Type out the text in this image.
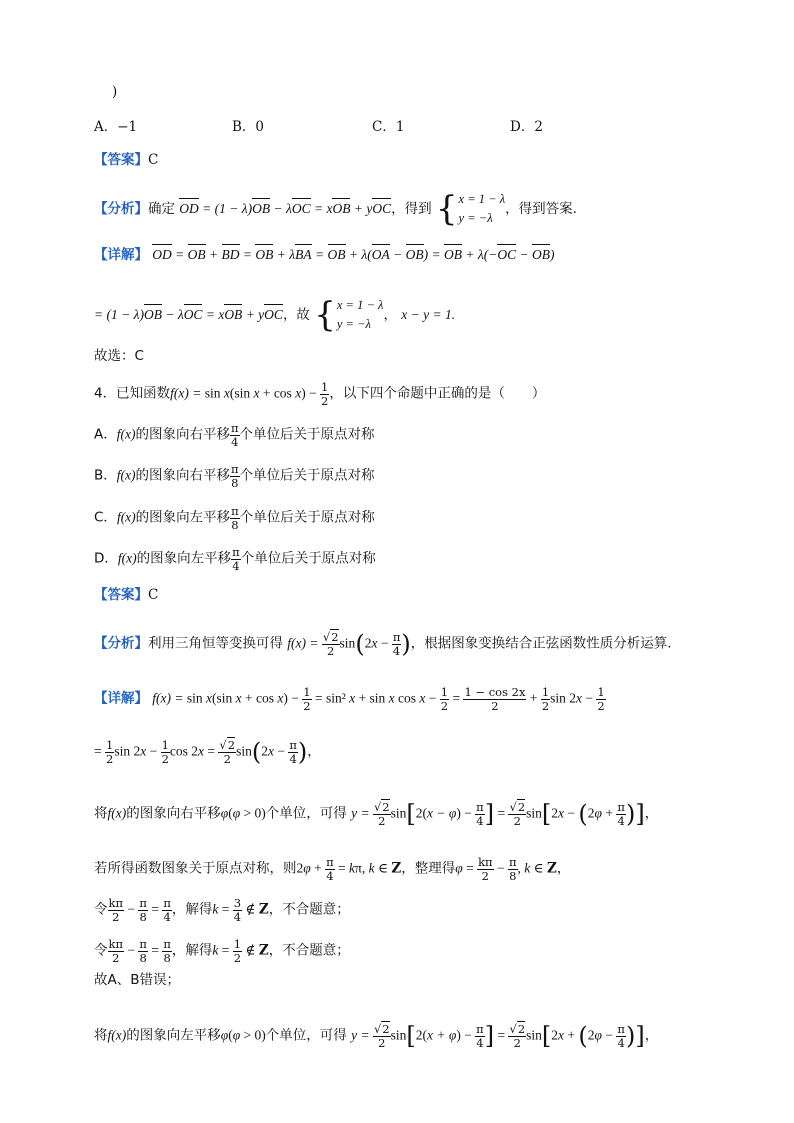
)
A．−1	B．0	C．1	D．2
【答案】C
【分析】确定 OD = (1 − λ)OB − λOC = xOB + yOC，得到 { x = 1 − λ
y = −λ
，得到答案.
【详解】 OD = OB + BD = OB + λBA = OB + λ(OA − OB) = OB + λ(−OC − OB)
= (1 − λ)OB − λOC = xOB + yOC，故 { x = 1 − λ
y = −λ
， x − y = 1.
故选：C
4．已知函数f(x) = sin x(sin $x + \cos x) - \frac{1}{2}$ ，以下四个命题中正确的是（　　）
A．f(x)的图象向右平移 $\frac{\pi}{4}$ 个单位后关于原点对称
B．f(x)的图象向右平移 $\frac{\pi}{8}$ 个单位后关于原点对称
C．f(x)的图象向左平移 $\frac{\pi}{8}$ 个单位后关于原点对称
D．f(x)的图象向左平移 $\frac{\pi}{4}$ 个单位后关于原点对称
【答案】C
【分析】利用三角恒等变换可得 $f(x) = \frac{√2}{2} \sin(2x - \frac{\pi}{4}$ )，根据图象变换结合正弦函数性质分析运算.
【详解】 f(x) = sin x(sin $x + \cos x) - \frac{1}{2} = \sin^2$ x + sin x $\cos x - \frac{1}{2} = \frac{1 - \cos 2x}{2} + \frac{1}{2}$ $\sin 2x - \frac{1}{2}$
= $\frac{1}{2}$ $\sin 2x - \frac{1}{2}$ $\cos 2x = \frac{√2}{2} \sin(2x - \frac{\pi}{4}$ )，
将f(x)的图象向右平移φ(φ > 0)个单位，可得 $y = \frac{√2}{2} \sin[2(x - \varphi) - \frac{\pi}{4}$ ] = $\frac{√2}{2} \sin[2x - (2\varphi + \frac{\pi}{4}$ )]，
若所得函数图象关于原点对称，则$2\varphi + \frac{\pi}{4} = k\pi$, k ∈ Z，整理得$\varphi = \frac{k\pi}{2} - \frac{\pi}{8}$ , k ∈ Z，
令 $\frac{k\pi}{2} - \frac{\pi}{8} = \frac{\pi}{4}$ ，解得$k = \frac{3}{4}$ ∉ Z，不合题意；
令 $\frac{k\pi}{2} - \frac{\pi}{8} = \frac{\pi}{8}$ ，解得$k = \frac{1}{2}$ ∉ Z，不合题意；
故A、B错误；
将f(x)的图象向左平移φ(φ > 0)个单位，可得 $y = \frac{√2}{2} \sin[2(x + \varphi) - \frac{\pi}{4}$ ] = $\frac{√2}{2} \sin[2x + (2\varphi - \frac{\pi}{4}$ )]，
